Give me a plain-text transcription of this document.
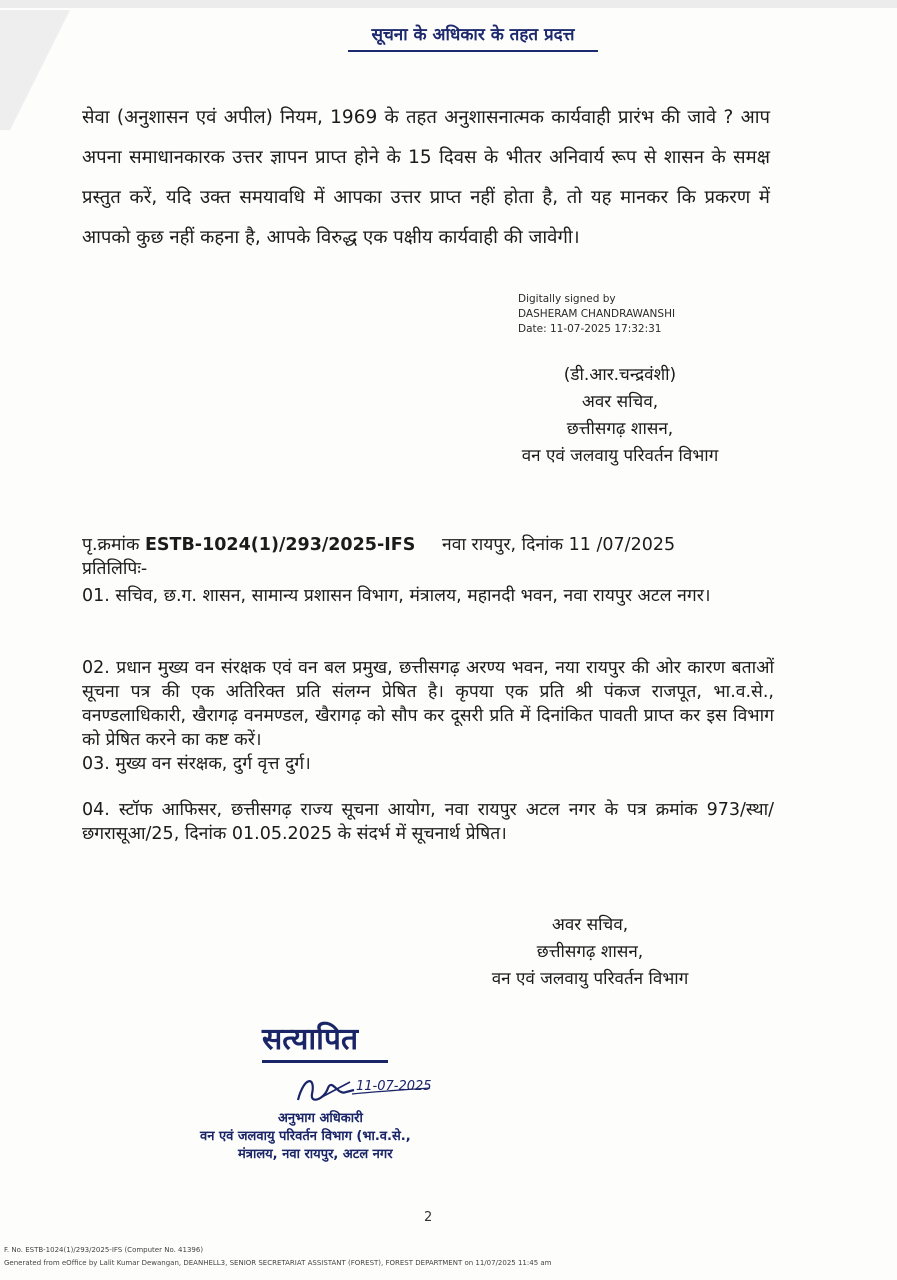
सूचना के अधिकार के तहत प्रदत्त
सेवा (अनुशासन एवं अपील) नियम, 1969 के तहत अनुशासनात्मक कार्यवाही प्रारंभ की जावे ? आप अपना समाधानकारक उत्तर ज्ञापन प्राप्त होने के 15 दिवस के भीतर अनिवार्य रूप से शासन के समक्ष प्रस्तुत करें, यदि उक्त समयावधि में आपका उत्तर प्राप्त नहीं होता है, तो यह मानकर कि प्रकरण में आपको कुछ नहीं कहना है, आपके विरुद्ध एक पक्षीय कार्यवाही की जावेगी।
Digitally signed by
DASHERAM CHANDRAWANSHI
Date: 11-07-2025 17:32:31
(डी.आर.चन्द्रवंशी)
अवर सचिव,
छत्तीसगढ़ शासन,
वन एवं जलवायु परिवर्तन विभाग
पृ.क्रमांक ESTB-1024(1)/293/2025-IFS नवा रायपुर, दिनांक 11 /07/2025
प्रतिलिपिः-
01. सचिव, छ.ग. शासन, सामान्य प्रशासन विभाग, मंत्रालय, महानदी भवन, नवा रायपुर अटल नगर।
02. प्रधान मुख्य वन संरक्षक एवं वन बल प्रमुख, छत्तीसगढ़ अरण्य भवन, नया रायपुर की ओर कारण बताओं सूचना पत्र की एक अतिरिक्त प्रति संलग्न प्रेषित है। कृपया एक प्रति श्री पंकज राजपूत, भा.व.से., वनण्डलाधिकारी, खैरागढ़ वनमण्डल, खैरागढ़ को सौप कर दूसरी प्रति में दिनांकित पावती प्राप्त कर इस विभाग को प्रेषित करने का कष्ट करें।
03. मुख्य वन संरक्षक, दुर्ग वृत्त दुर्ग।
04. स्टॉफ आफिसर, छत्तीसगढ़ राज्य सूचना आयोग, नवा रायपुर अटल नगर के पत्र क्रमांक 973/स्था/छगरासूआ/25, दिनांक 01.05.2025 के संदर्भ में सूचनार्थ प्रेषित।
अवर सचिव,
छत्तीसगढ़ शासन,
वन एवं जलवायु परिवर्तन विभाग
सत्यापित
11-07-2025
अनुभाग अधिकारी
वन एवं जलवायु परिवर्तन विभाग (भा.व.से.,
मंत्रालय, नवा रायपुर, अटल नगर
2
F. No. ESTB-1024(1)/293/2025-IFS (Computer No. 41396)
Generated from eOffice by Lalit Kumar Dewangan, DEANHELL3, SENIOR SECRETARIAT ASSISTANT (FOREST), FOREST DEPARTMENT on 11/07/2025 11:45 am
